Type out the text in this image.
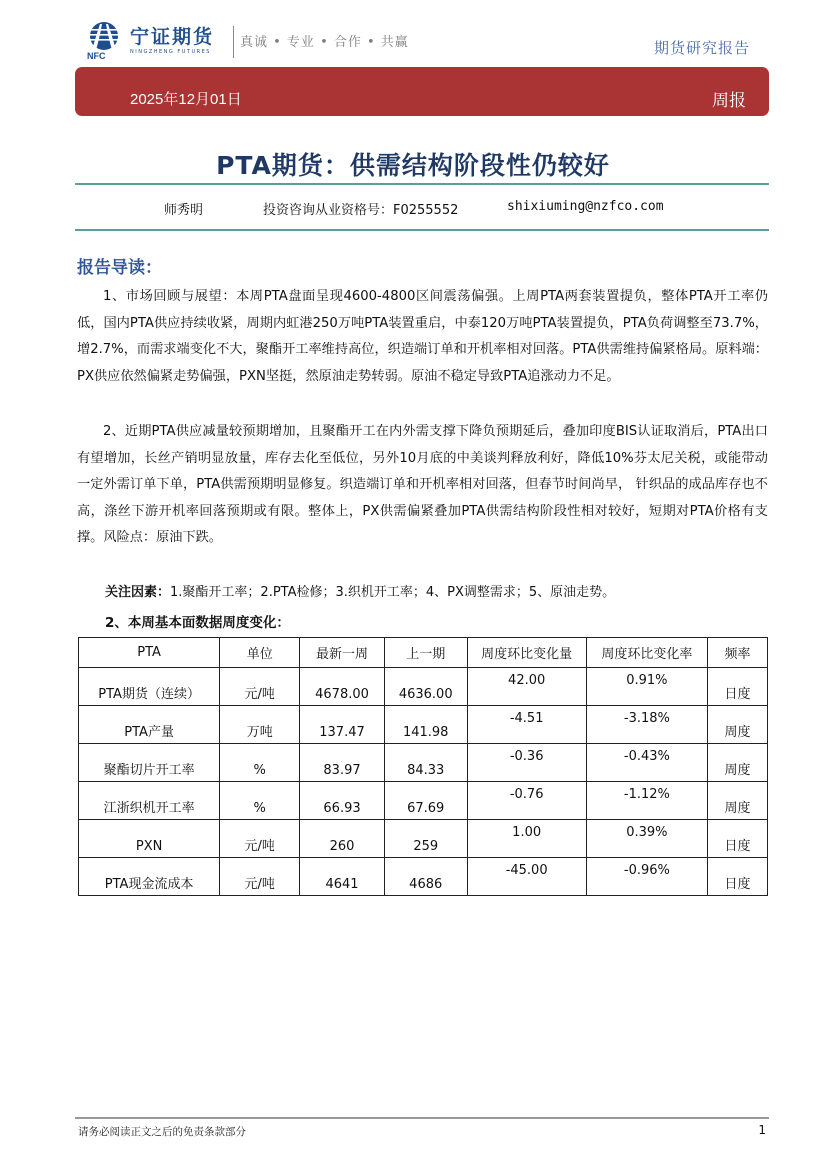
NFC
宁证期货
NINGZHENG FUTURES
真诚 • 专业 • 合作 • 共赢	期货研究报告
2025年12月01日	周报
PTA期货：供需结构阶段性仍较好
师秀明	投资咨询从业资格号：F0255552	shixiuming@nzfco.com
报告导读：

1、市场回顾与展望：本周PTA盘面呈现4600-4800区间震荡偏强。上周PTA两套装置提负，整体PTA开工率仍低，国内PTA供应持续收紧，周期内虹港250万吨PTA装置重启，中泰120万吨PTA装置提负，PTA负荷调整至73.7%，增2.7%，而需求端变化不大，聚酯开工率维持高位，织造端订单和开机率相对回落。PTA供需维持偏紧格局。原料端：PX供应依然偏紧走势偏强，PXN坚挺，然原油走势转弱。原油不稳定导致PTA追涨动力不足。

2、近期PTA供应减量较预期增加，且聚酯开工在内外需支撑下降负预期延后，叠加印度BIS认证取消后，PTA出口有望增加，长丝产销明显放量，库存去化至低位，另外10月底的中美谈判释放利好，降低10%芬太尼关税，或能带动一定外需订单下单，PTA供需预期明显修复。织造端订单和开机率相对回落，但春节时间尚早， 针织品的成品库存也不高，涤丝下游开机率回落预期或有限。整体上，PX供需偏紧叠加PTA供需结构阶段性相对较好，短期对PTA价格有支撑。风险点：原油下跌。

关注因素：1.聚酯开工率；2.PTA检修；3.织机开工率；4、PX调整需求；5、原油走势。
2、本周基本面数据周度变化：
PTA	单位	最新一周	上一期	周度环比变化量	周度环比变化率	频率
PTA期货（连续）	元/吨	4678.00	4636.00	42.00	0.91%	日度
PTA产量	万吨	137.47	141.98	-4.51	-3.18%	周度
聚酯切片开工率	%	83.97	84.33	-0.36	-0.43%	周度
江浙织机开工率	%	66.93	67.69	-0.76	-1.12%	周度
PXN	元/吨	260	259	1.00	0.39%	日度
PTA现金流成本	元/吨	4641	4686	-45.00	-0.96%	日度
请务必阅读正文之后的免责条款部分	1
